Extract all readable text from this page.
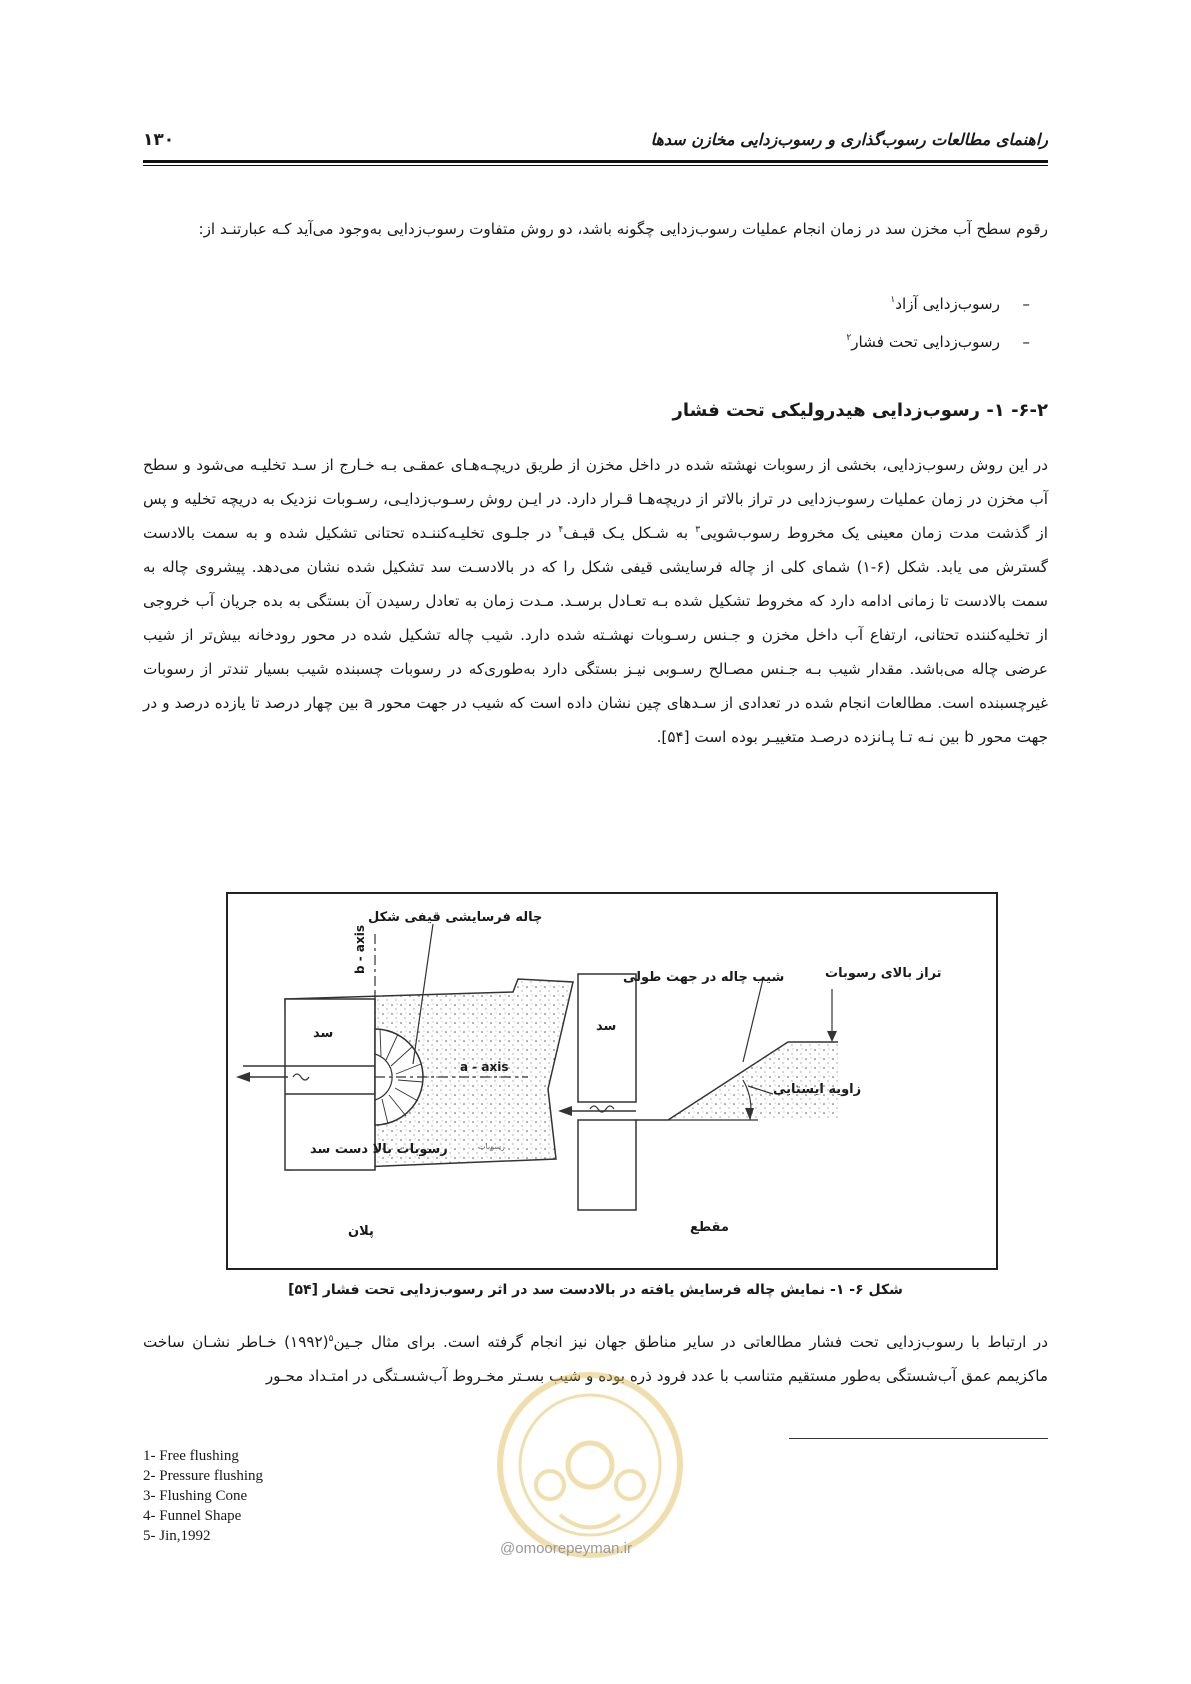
راهنمای مطالعات رسوب‌گذاری و رسوب‌زدایی مخازن سدها
۱۳۰

رقوم سطح آب مخزن سد در زمان انجام عملیات رسوب‌زدایی چگونه باشد، دو روش متفاوت رسوب‌زدایی به‌وجود می‌آید کـه عبارتنـد از:

–
رسوب‌زدایی آزاد
۱
–
رسوب‌زدایی تحت فشار
۲
۶-۲- ۱- رسوب‌زدایی هیدرولیکی تحت فشار

در این روش رسوب‌زدایی، بخشی از رسوبات نهشته شده در داخل مخزن از طریق دریچـه‌هـای عمقـی بـه خـارج از سـد تخلیـه می‌شود و سطح آب مخزن در زمان عملیات رسوب‌زدایی در تراز بالاتر از دریچه‌هـا قـرار دارد. در ایـن روش رسـوب‌زدایـی، رسـوبات نزدیک به دریچه تخلیه و پس از گذشت مدت زمان معینی یک مخروط رسوب‌شویی$^۳$ به شـکل یـک قیـف$^۴$ در جلـوی تخلیـه‌کننـده تحتانی تشکیل شده و به سمت بالادست گسترش می یابد. شکل (۶-۱) شمای کلی از چاله فرسایشی قیفی شکل را که در بالادسـت سد تشکیل شده نشان می‌دهد. پیشروی چاله به سمت بالادست تا زمانی ادامه دارد که مخروط تشکیل شده بـه تعـادل برسـد. مـدت زمان به تعادل رسیدن آن بستگی به بده جریان آب خروجی از تخلیه‌کننده تحتانی، ارتفاع آب داخل مخزن و جـنس رسـوبات نهشـته شده دارد. شیب چاله تشکیل شده در محور رودخانه بیش‌تر از شیب عرضی چاله می‌باشد. مقدار شیب بـه جـنس مصـالح رسـوبی نیـز بستگی دارد به‌طوری‌که در رسوبات چسبنده شیب بسیار تندتر از رسوبات غیرچسبنده است. مطالعات انجام شده در تعدادی از سـدهای چین نشان داده است که شیب در جهت محور a بین چهار درصد تا یازده درصد و در جهت محور b بین نـه تـا پـانزده درصـد متغییـر بوده است [۵۴].

چاله فرسایشی قیفی شکل
سد
b - axis
a - axis
رسوبات بالا دست سد	رسوبات
پلان
سد
شیب چاله در جهت طولی	تراز بالای رسوبات
زاویه ایستایی
مقطع
شکل ۶- ۱- نمایش چاله فرسایش یافته در بالادست سد در اثر رسوب‌زدایی تحت فشار [۵۴]

در ارتباط با رسوب‌زدایی تحت فشار مطالعاتی در سایر مناطق جهان نیز انجام گرفته است. برای مثال جـین$^۵$(۱۹۹۲) خـاطر نشـان ساخت ماکزیمم عمق آب‌شستگی به‌طور مستقیم متناسب با عدد فرود ذره بوده و شیب بسـتر مخـروط آب‌شسـتگی در امتـداد محـور

@omoorepeyman.ir
1- Free flushing
2- Pressure flushing
3- Flushing Cone
4- Funnel Shape
5- Jin,1992
